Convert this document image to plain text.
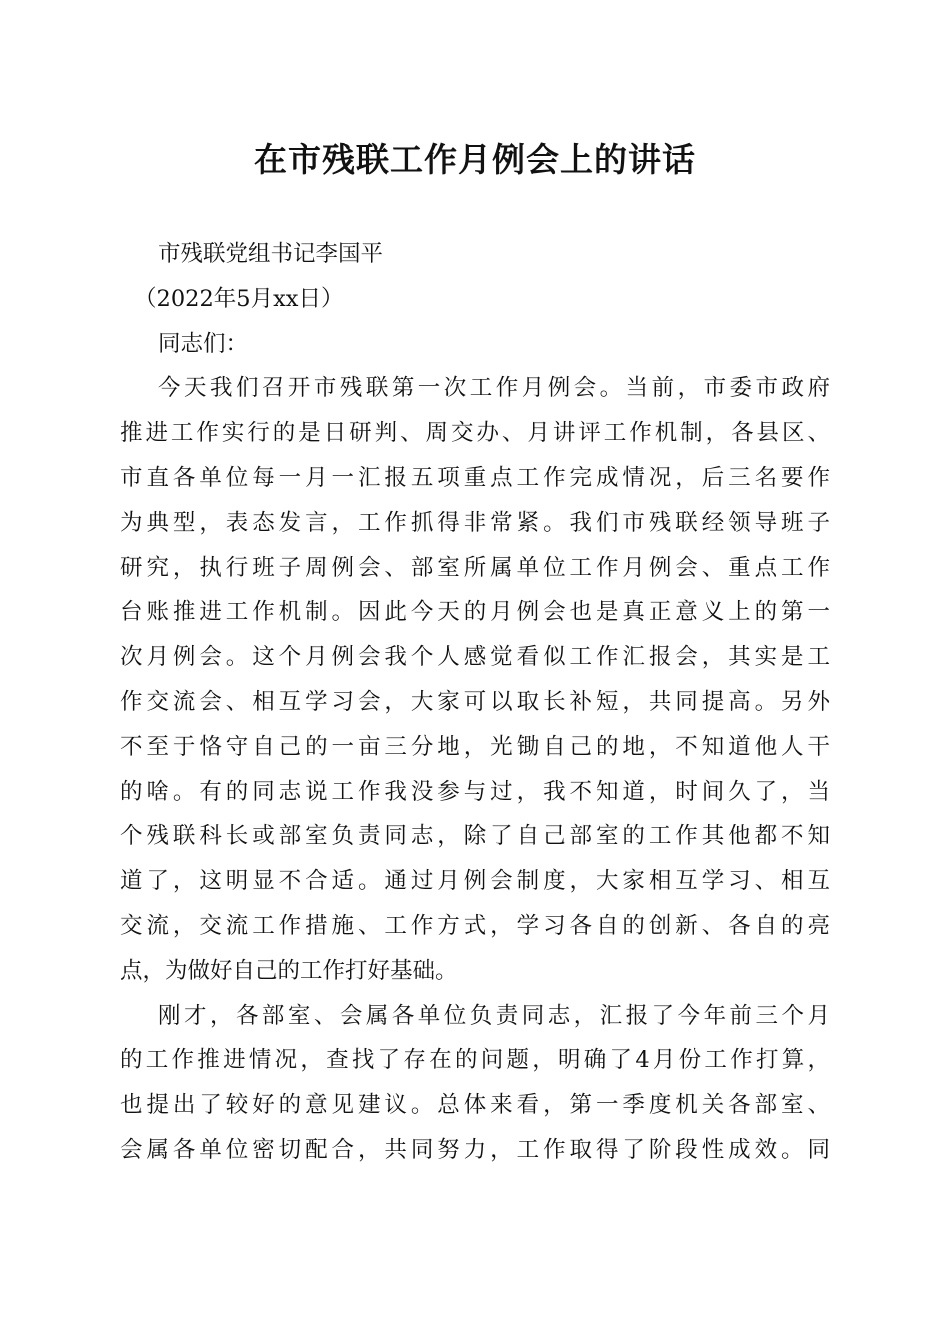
在市残联工作月例会上的讲话
市残联党组书记李国平
（2022年5月xx日）
同志们：
今天我们召开市残联第一次工作月例会。当前，市委市政府
推进工作实行的是日研判、周交办、月讲评工作机制，各县区、
市直各单位每一月一汇报五项重点工作完成情况，后三名要作
为典型，表态发言，工作抓得非常紧。我们市残联经领导班子
研究，执行班子周例会、部室所属单位工作月例会、重点工作
台账推进工作机制。因此今天的月例会也是真正意义上的第一
次月例会。这个月例会我个人感觉看似工作汇报会，其实是工
作交流会、相互学习会，大家可以取长补短，共同提高。另外
不至于恪守自己的一亩三分地，光锄自己的地，不知道他人干
的啥。有的同志说工作我没参与过，我不知道，时间久了，当
个残联科长或部室负责同志，除了自己部室的工作其他都不知
道了，这明显不合适。通过月例会制度，大家相互学习、相互
交流，交流工作措施、工作方式，学习各自的创新、各自的亮
点，为做好自己的工作打好基础。
刚才，各部室、会属各单位负责同志，汇报了今年前三个月
的工作推进情况，查找了存在的问题，明确了4月份工作打算，
也提出了较好的意见建议。总体来看，第一季度机关各部室、
会属各单位密切配合，共同努力，工作取得了阶段性成效。同
